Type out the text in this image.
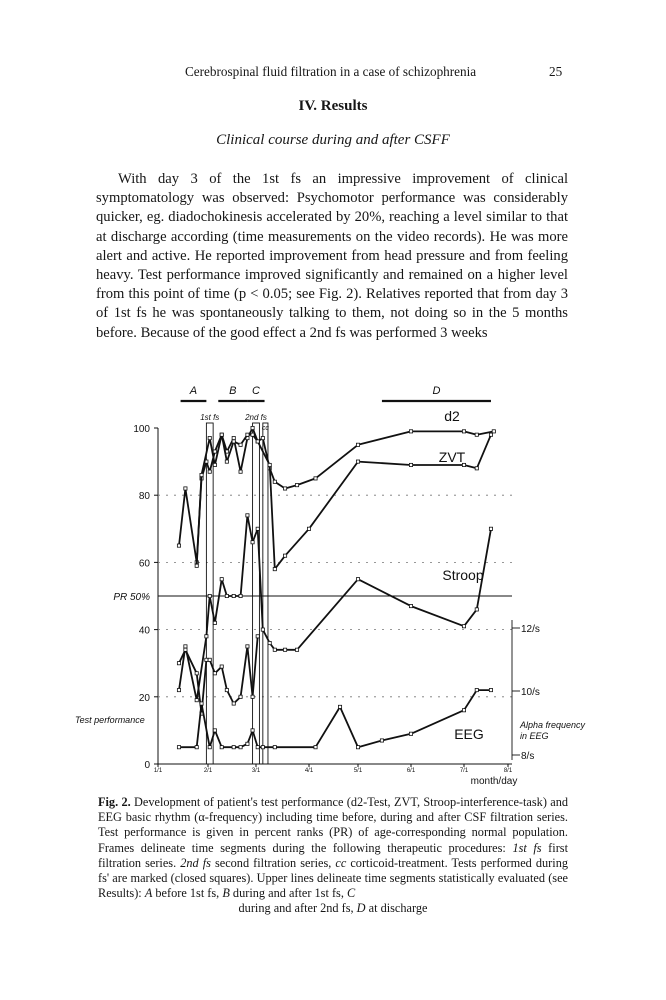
Cerebrospinal fluid filtration in a case of schizophrenia	25
IV. Results
Clinical course during and after CSFF

With day 3 of the 1st fs an impressive improvement of clinical symptomatology was observed: Psychomotor performance was considerably quicker, eg. diadochokinesis accelerated by 20%, reaching a level similar to that at discharge according (time measurements on the video records). He was more alert and active. He reported improvement from head pressure and from feeling heavy. Test performance improved significantly and remained on a higher level from this point of time (p < 0.05; see Fig. 2). Relatives reported that from day 3 of 1st fs he was spontaneously talking to them, not doing so in the 5 months before. Because of the good effect a 2nd fs was performed 3 weeks

0
20
40
60
80
100
1/1	2/1	3/1	4/1	5/1	6/1	7/1	8/1
month/day
Test performance
PR 50%
8/s
10/s
12/s
Alpha frequency
in EEG
1st fs	2nd fs
cc
A	B C	D
d2
ZVT
Stroop
EEG

Fig. 2. Development of patient's test performance (d2-Test, ZVT, Stroop-interference-task) and EEG basic rhythm (α-frequency) including time before, during and after CSF filtration series. Test performance is given in percent ranks (PR) of age-corresponding normal population. Frames delineate time segments during the following therapeutic procedures: 1st fs first filtration series. 2nd fs second filtration series, cc corticoid-treatment. Tests performed during fs' are marked (closed squares). Upper lines delineate time segments statistically evaluated (see Results): A before 1st fs, B during and after 1st fs, C
during and after 2nd fs, D at discharge
